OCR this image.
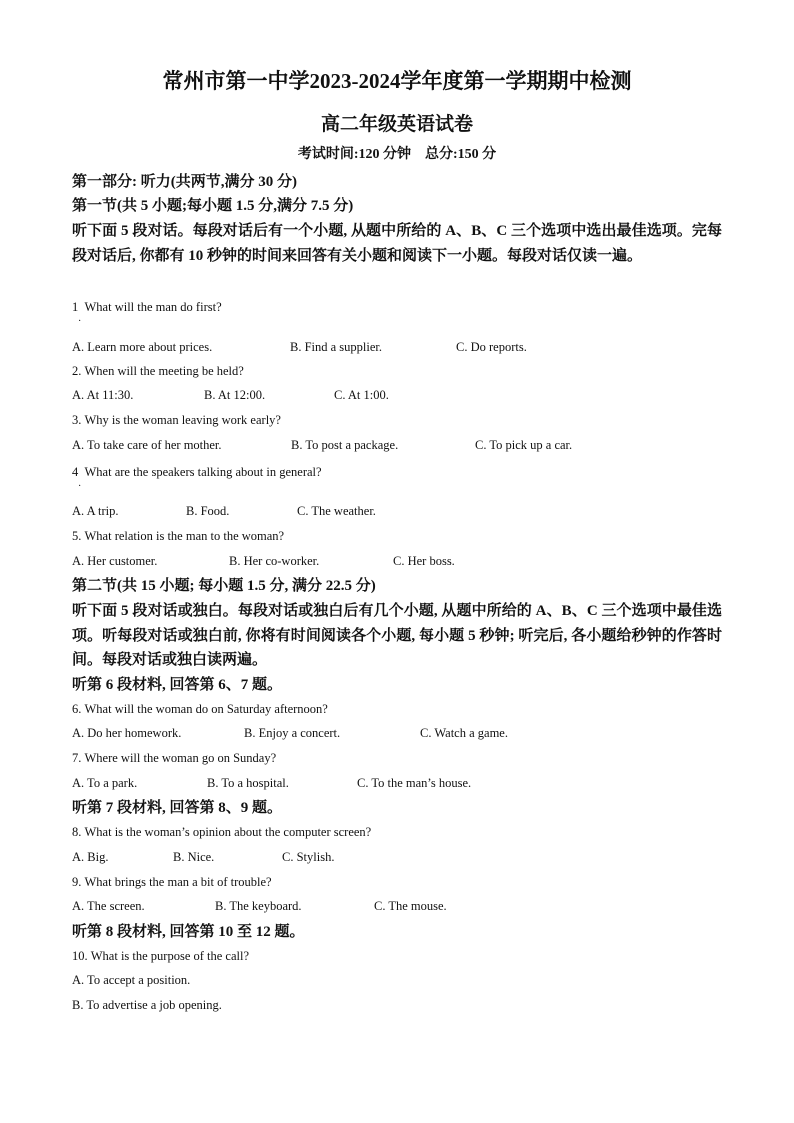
常州市第一中学2023-2024学年度第一学期期中检测
高二年级英语试卷
考试时间:120 分钟 总分:150 分
第一部分: 听力(共两节,满分 30 分)
第一节(共 5 小题;每小题 1.5 分,满分 7.5 分)
听下面 5 段对话。每段对话后有一个小题, 从题中所给的 A、B、C 三个选项中选出最佳选项。完每段对话后, 你都有 10 秒钟的时间来回答有关小题和阅读下一小题。每段对话仅读一遍。
1 What will the man do first?
·
A. Learn more about prices.	B. Find a supplier.	C. Do reports.
2. When will the meeting be held?
A. At 11:30.	B. At 12:00.	C. At 1:00.
3. Why is the woman leaving work early?
A. To take care of her mother.	B. To post a package.	C. To pick up a car.
4 What are the speakers talking about in general?
·
A. A trip.	B. Food.	C. The weather.
5. What relation is the man to the woman?
A. Her customer.	B. Her co-worker.	C. Her boss.
第二节(共 15 小题; 每小题 1.5 分, 满分 22.5 分)
听下面 5 段对话或独白。每段对话或独白后有几个小题, 从题中所给的 A、B、C 三个选项中最佳选项。听每段对话或独白前, 你将有时间阅读各个小题, 每小题 5 秒钟; 听完后, 各小题给秒钟的作答时间。每段对话或独白读两遍。
听第 6 段材料, 回答第 6、7 题。
6. What will the woman do on Saturday afternoon?
A. Do her homework.	B. Enjoy a concert.	C. Watch a game.
7. Where will the woman go on Sunday?
A. To a park.	B. To a hospital.	C. To the man’s house.
听第 7 段材料, 回答第 8、9 题。
8. What is the woman’s opinion about the computer screen?
A. Big.	B. Nice.	C. Stylish.
9. What brings the man a bit of trouble?
A. The screen.	B. The keyboard.	C. The mouse.
听第 8 段材料, 回答第 10 至 12 题。
10. What is the purpose of the call?
A. To accept a position.
B. To advertise a job opening.
